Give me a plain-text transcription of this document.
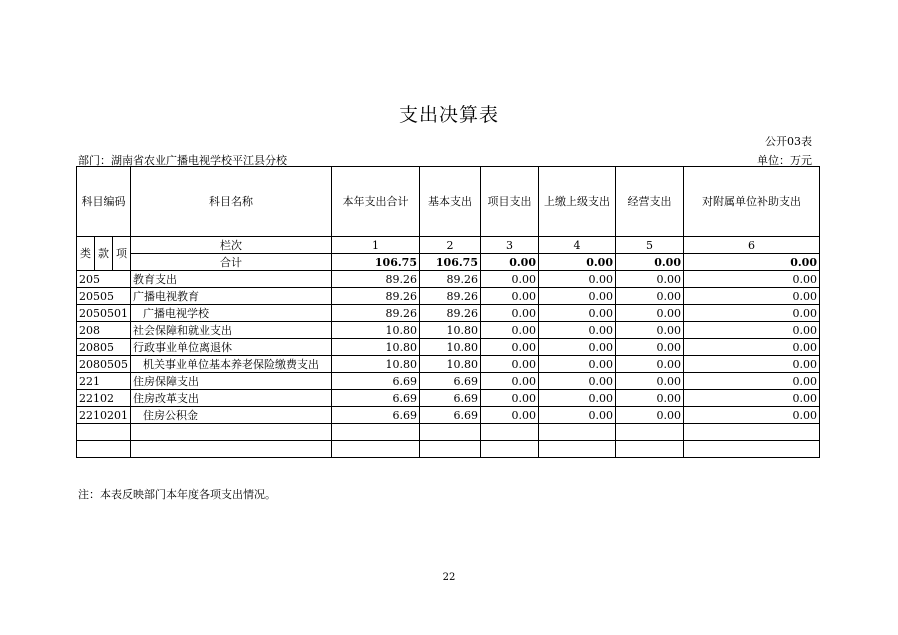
支出决算表
公开03表
部门：湖南省农业广播电视学校平江县分校	单位：万元
科目编码			科目名称	本年支出合计	基本支出	项目支出	上缴上级支出	经营支出	对附属单位补助支出
类	款	项	栏次	1	2	3	4	5	6
			合计	106.75	106.75	0.00	0.00	0.00	0.00
205			教育支出	89.26	89.26	0.00	0.00	0.00	0.00
20505			广播电视教育	89.26	89.26	0.00	0.00	0.00	0.00
2050501			广播电视学校	89.26	89.26	0.00	0.00	0.00	0.00
208			社会保障和就业支出	10.80	10.80	0.00	0.00	0.00	0.00
20805			行政事业单位离退休	10.80	10.80	0.00	0.00	0.00	0.00
2080505			机关事业单位基本养老保险缴费支出	10.80	10.80	0.00	0.00	0.00	0.00
221			住房保障支出	6.69	6.69	0.00	0.00	0.00	0.00
22102			住房改革支出	6.69	6.69	0.00	0.00	0.00	0.00
2210201			住房公积金	6.69	6.69	0.00	0.00	0.00	0.00

注：本表反映部门本年度各项支出情况。
22
